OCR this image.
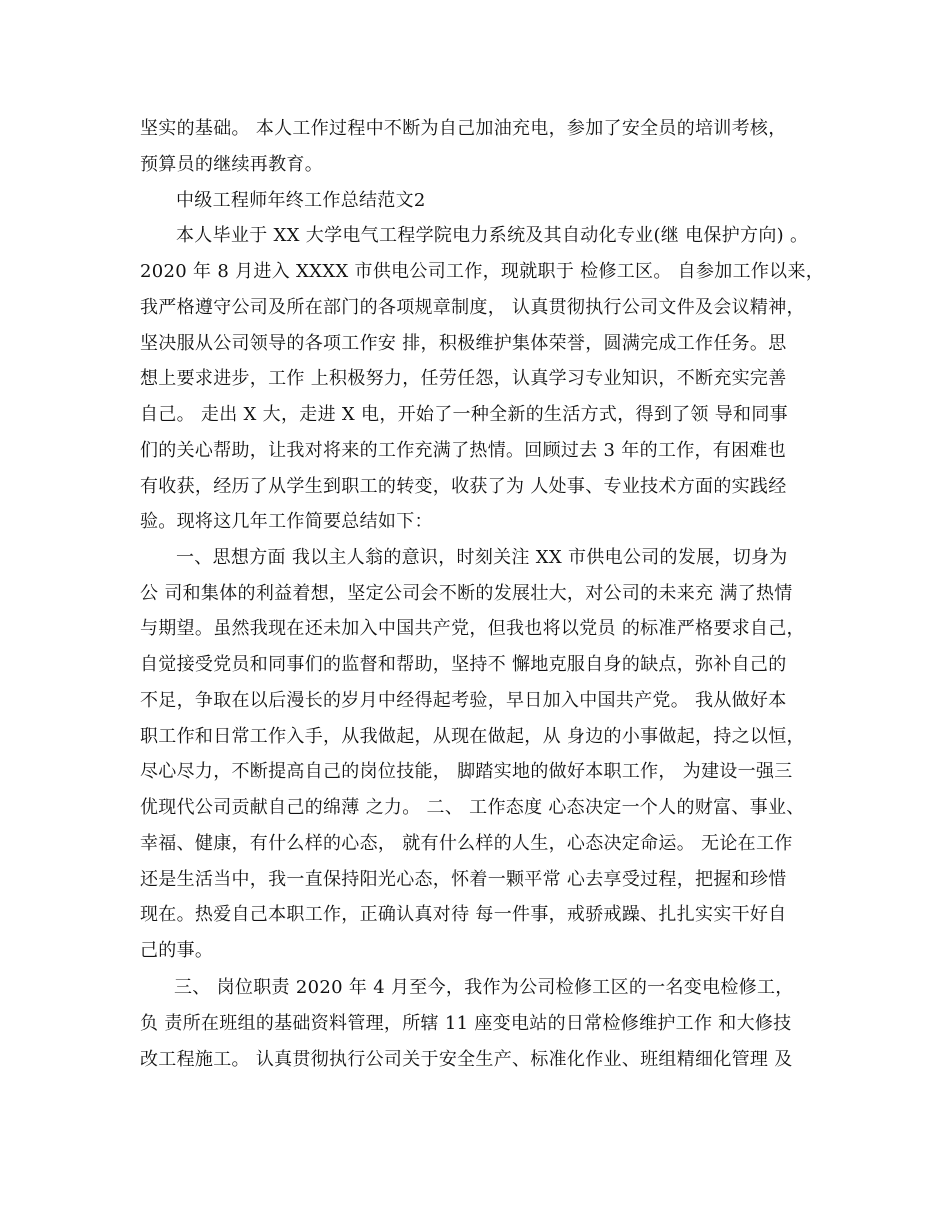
坚实的基础。 本人工作过程中不断为自己加油充电，参加了安全员的培训考核，
预算员的继续再教育。
中级工程师年终工作总结范文2
本人毕业于 XX 大学电气工程学院电力系统及其自动化专业(继 电保护方向) 。
2020 年 8 月进入 XXXX 市供电公司工作，现就职于 检修工区。 自参加工作以来，
我严格遵守公司及所在部门的各项规章制度， 认真贯彻执行公司文件及会议精神，
坚决服从公司领导的各项工作安 排，积极维护集体荣誉，圆满完成工作任务。思
想上要求进步，工作 上积极努力，任劳任怨，认真学习专业知识，不断充实完善
自己。 走出 X 大，走进 X 电，开始了一种全新的生活方式，得到了领 导和同事
们的关心帮助，让我对将来的工作充满了热情。回顾过去 3 年的工作，有困难也
有收获，经历了从学生到职工的转变，收获了为 人处事、专业技术方面的实践经
验。现将这几年工作简要总结如下：
一、思想方面 我以主人翁的意识，时刻关注 XX 市供电公司的发展，切身为
公 司和集体的利益着想，坚定公司会不断的发展壮大，对公司的未来充 满了热情
与期望。虽然我现在还未加入中国共产党，但我也将以党员 的标准严格要求自己，
自觉接受党员和同事们的监督和帮助，坚持不 懈地克服自身的缺点，弥补自己的
不足，争取在以后漫长的岁月中经得起考验，早日加入中国共产党。 我从做好本
职工作和日常工作入手，从我做起，从现在做起，从 身边的小事做起，持之以恒，
尽心尽力，不断提高自己的岗位技能， 脚踏实地的做好本职工作， 为建设一强三
优现代公司贡献自己的绵薄 之力。 二、 工作态度 心态决定一个人的财富、事业、
幸福、健康，有什么样的心态， 就有什么样的人生，心态决定命运。 无论在工作
还是生活当中，我一直保持阳光心态，怀着一颗平常 心去享受过程，把握和珍惜
现在。热爱自己本职工作，正确认真对待 每一件事，戒骄戒躁、扎扎实实干好自
己的事。
三、 岗位职责 2020 年 4 月至今，我作为公司检修工区的一名变电检修工，
负 责所在班组的基础资料管理，所辖 11 座变电站的日常检修维护工作 和大修技
改工程施工。 认真贯彻执行公司关于安全生产、标准化作业、班组精细化管理 及
